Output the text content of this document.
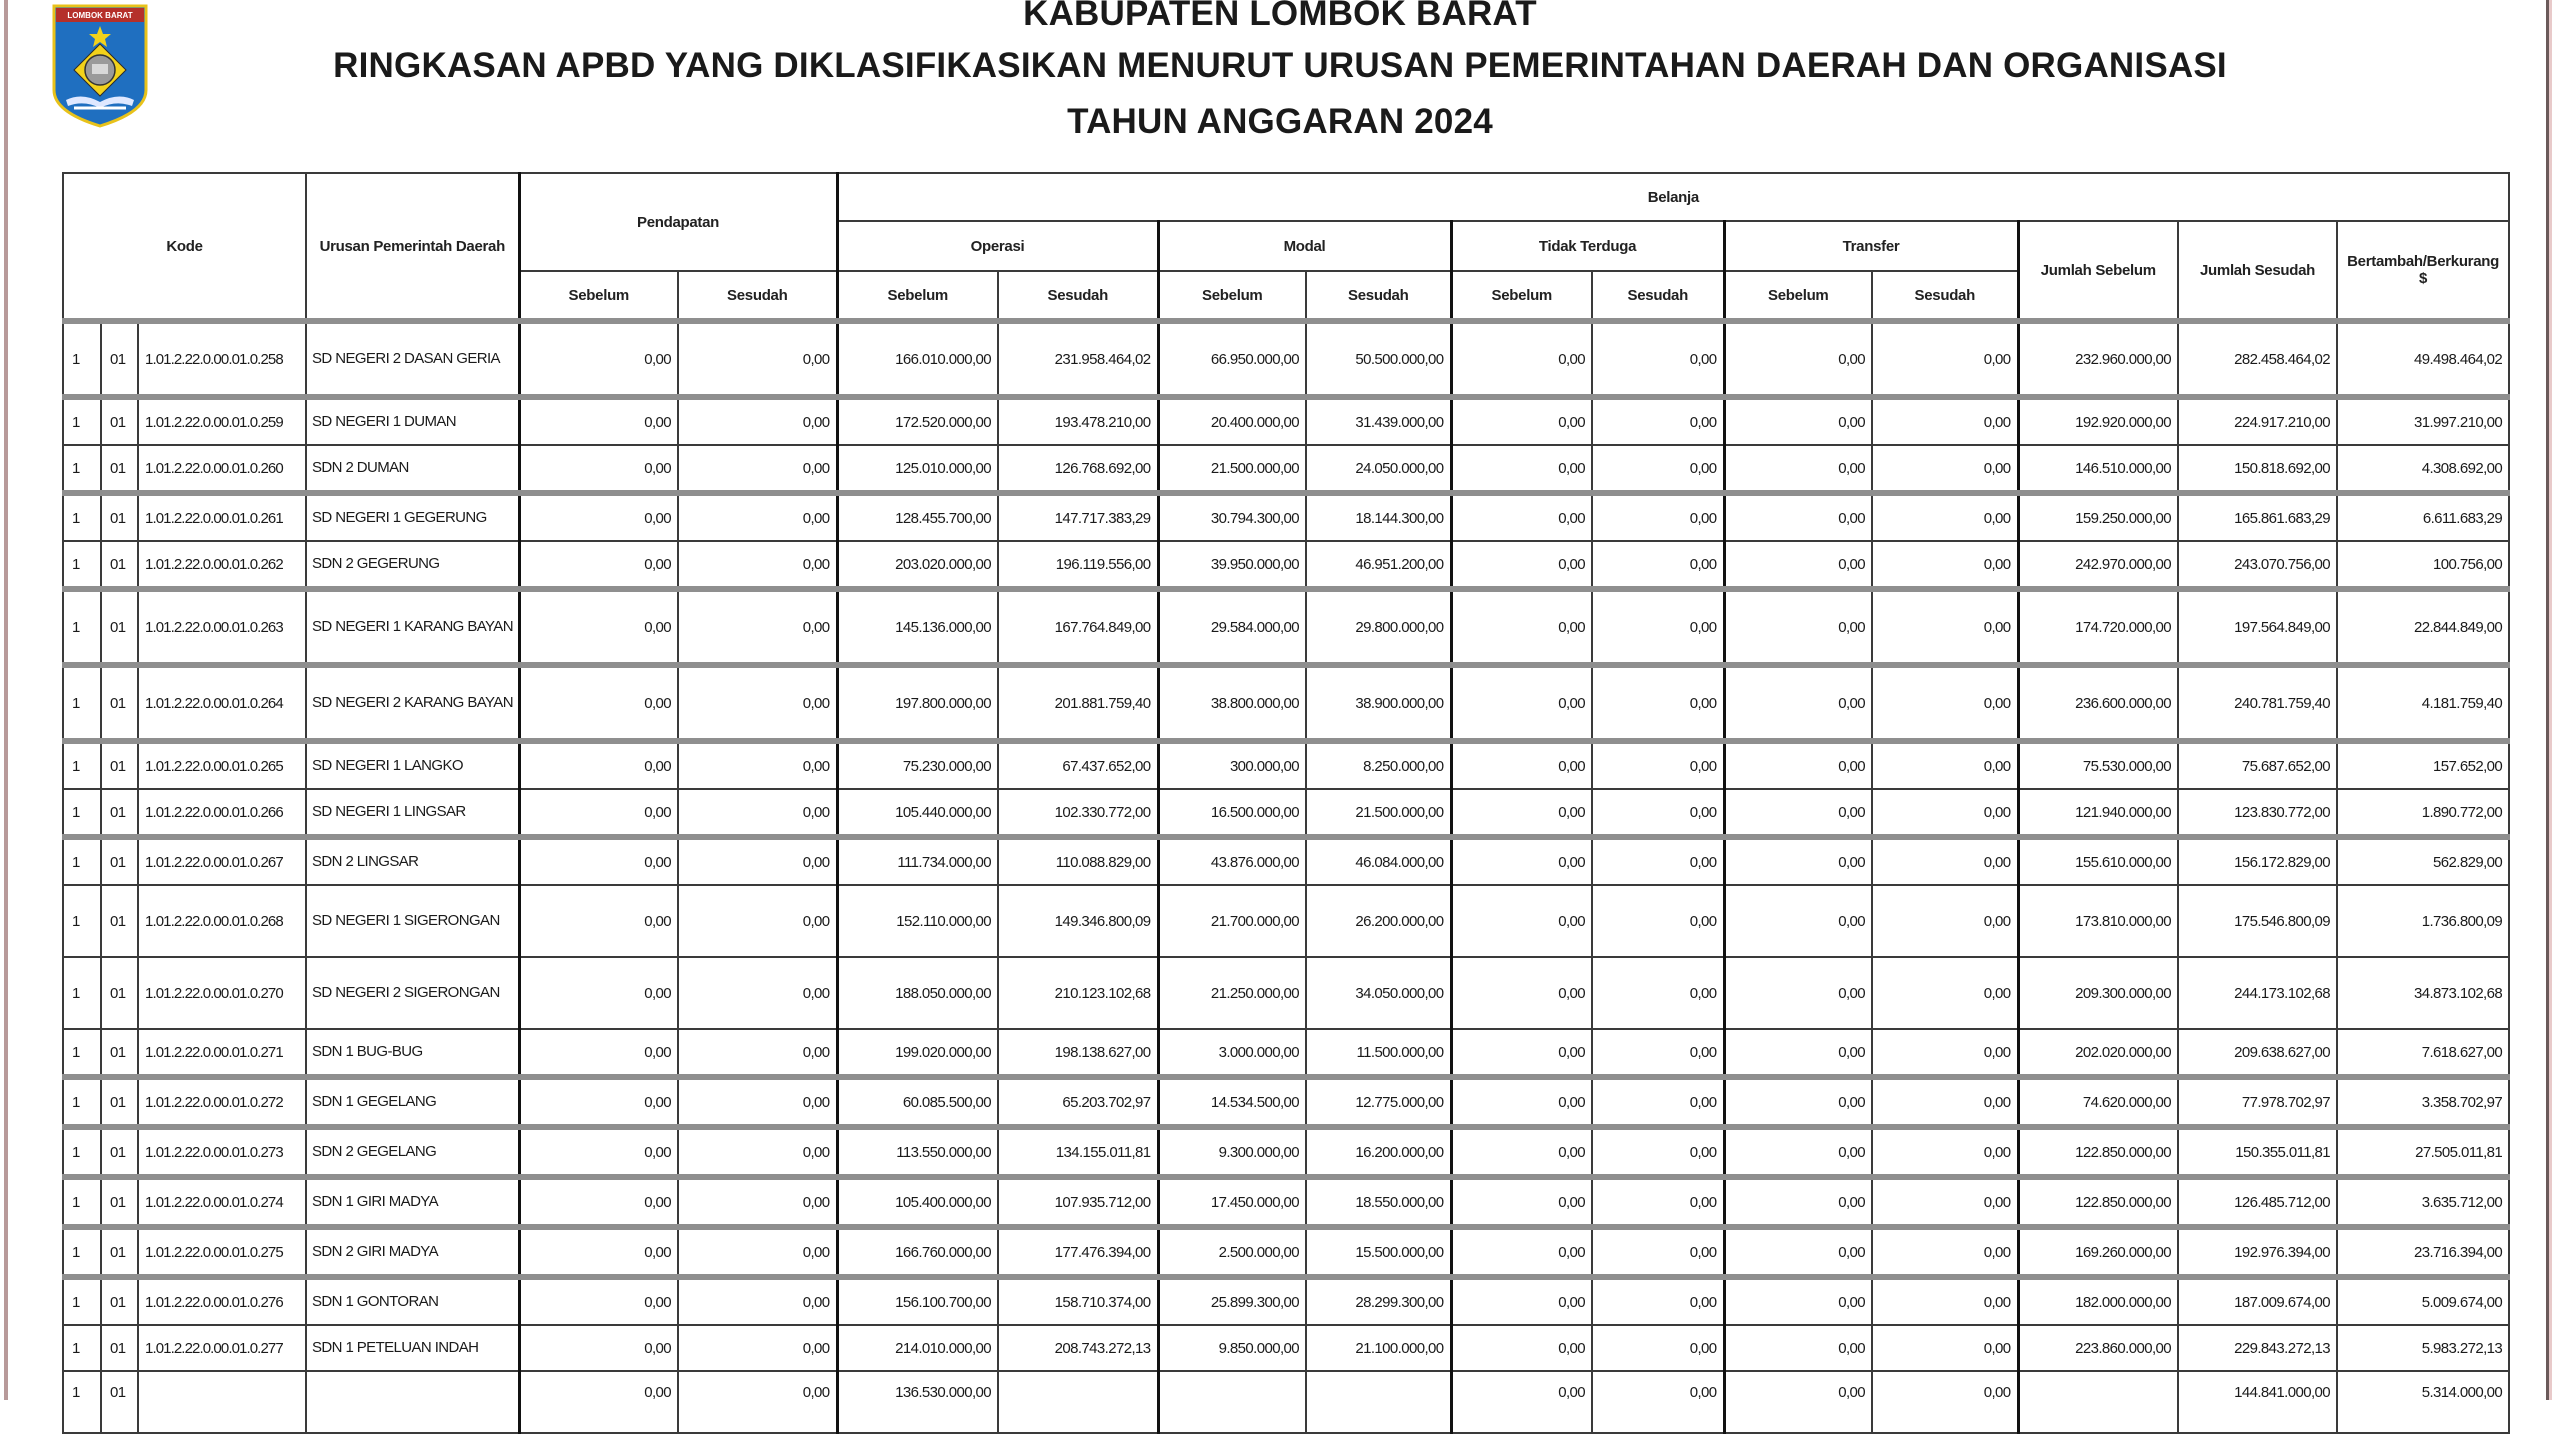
LOMBOK BARAT	KABUPATEN LOMBOK BARAT
RINGKASAN APBD YANG DIKLASIFIKASIKAN MENURUT URUSAN PEMERINTAHAN DAERAH DAN ORGANISASI
TAHUN ANGGARAN 2024
Kode			Urusan Pemerintah Daerah	Pendapatan		Belanja										
						Operasi		Modal		Tidak Terduga		Transfer		Jumlah Sebelum	Jumlah Sesudah	Bertambah/Berkurang
$
				Sebelum	Sesudah	Sebelum	Sesudah	Sebelum	Sesudah	Sebelum	Sesudah	Sebelum	Sesudah			
1	01	1.01.2.22.0.00.01.0.258	SD NEGERI 2 DASAN GERIA	0,00	0,00	166.010.000,00	231.958.464,02	66.950.000,00	50.500.000,00	0,00	0,00	0,00	0,00	232.960.000,00	282.458.464,02	49.498.464,02
1	01	1.01.2.22.0.00.01.0.259	SD NEGERI 1 DUMAN	0,00	0,00	172.520.000,00	193.478.210,00	20.400.000,00	31.439.000,00	0,00	0,00	0,00	0,00	192.920.000,00	224.917.210,00	31.997.210,00
1	01	1.01.2.22.0.00.01.0.260	SDN 2 DUMAN	0,00	0,00	125.010.000,00	126.768.692,00	21.500.000,00	24.050.000,00	0,00	0,00	0,00	0,00	146.510.000,00	150.818.692,00	4.308.692,00
1	01	1.01.2.22.0.00.01.0.261	SD NEGERI 1 GEGERUNG	0,00	0,00	128.455.700,00	147.717.383,29	30.794.300,00	18.144.300,00	0,00	0,00	0,00	0,00	159.250.000,00	165.861.683,29	6.611.683,29
1	01	1.01.2.22.0.00.01.0.262	SDN 2 GEGERUNG	0,00	0,00	203.020.000,00	196.119.556,00	39.950.000,00	46.951.200,00	0,00	0,00	0,00	0,00	242.970.000,00	243.070.756,00	100.756,00
1	01	1.01.2.22.0.00.01.0.263	SD NEGERI 1 KARANG BAYAN	0,00	0,00	145.136.000,00	167.764.849,00	29.584.000,00	29.800.000,00	0,00	0,00	0,00	0,00	174.720.000,00	197.564.849,00	22.844.849,00
1	01	1.01.2.22.0.00.01.0.264	SD NEGERI 2 KARANG BAYAN	0,00	0,00	197.800.000,00	201.881.759,40	38.800.000,00	38.900.000,00	0,00	0,00	0,00	0,00	236.600.000,00	240.781.759,40	4.181.759,40
1	01	1.01.2.22.0.00.01.0.265	SD NEGERI 1 LANGKO	0,00	0,00	75.230.000,00	67.437.652,00	300.000,00	8.250.000,00	0,00	0,00	0,00	0,00	75.530.000,00	75.687.652,00	157.652,00
1	01	1.01.2.22.0.00.01.0.266	SD NEGERI 1 LINGSAR	0,00	0,00	105.440.000,00	102.330.772,00	16.500.000,00	21.500.000,00	0,00	0,00	0,00	0,00	121.940.000,00	123.830.772,00	1.890.772,00
1	01	1.01.2.22.0.00.01.0.267	SDN 2 LINGSAR	0,00	0,00	111.734.000,00	110.088.829,00	43.876.000,00	46.084.000,00	0,00	0,00	0,00	0,00	155.610.000,00	156.172.829,00	562.829,00
1	01	1.01.2.22.0.00.01.0.268	SD NEGERI 1 SIGERONGAN	0,00	0,00	152.110.000,00	149.346.800,09	21.700.000,00	26.200.000,00	0,00	0,00	0,00	0,00	173.810.000,00	175.546.800,09	1.736.800,09
1	01	1.01.2.22.0.00.01.0.270	SD NEGERI 2 SIGERONGAN	0,00	0,00	188.050.000,00	210.123.102,68	21.250.000,00	34.050.000,00	0,00	0,00	0,00	0,00	209.300.000,00	244.173.102,68	34.873.102,68
1	01	1.01.2.22.0.00.01.0.271	SDN 1 BUG-BUG	0,00	0,00	199.020.000,00	198.138.627,00	3.000.000,00	11.500.000,00	0,00	0,00	0,00	0,00	202.020.000,00	209.638.627,00	7.618.627,00
1	01	1.01.2.22.0.00.01.0.272	SDN 1 GEGELANG	0,00	0,00	60.085.500,00	65.203.702,97	14.534.500,00	12.775.000,00	0,00	0,00	0,00	0,00	74.620.000,00	77.978.702,97	3.358.702,97
1	01	1.01.2.22.0.00.01.0.273	SDN 2 GEGELANG	0,00	0,00	113.550.000,00	134.155.011,81	9.300.000,00	16.200.000,00	0,00	0,00	0,00	0,00	122.850.000,00	150.355.011,81	27.505.011,81
1	01	1.01.2.22.0.00.01.0.274	SDN 1 GIRI MADYA	0,00	0,00	105.400.000,00	107.935.712,00	17.450.000,00	18.550.000,00	0,00	0,00	0,00	0,00	122.850.000,00	126.485.712,00	3.635.712,00
1	01	1.01.2.22.0.00.01.0.275	SDN 2 GIRI MADYA	0,00	0,00	166.760.000,00	177.476.394,00	2.500.000,00	15.500.000,00	0,00	0,00	0,00	0,00	169.260.000,00	192.976.394,00	23.716.394,00
1	01	1.01.2.22.0.00.01.0.276	SDN 1 GONTORAN	0,00	0,00	156.100.700,00	158.710.374,00	25.899.300,00	28.299.300,00	0,00	0,00	0,00	0,00	182.000.000,00	187.009.674,00	5.009.674,00
1	01	1.01.2.22.0.00.01.0.277	SDN 1 PETELUAN INDAH	0,00	0,00	214.010.000,00	208.743.272,13	9.850.000,00	21.100.000,00	0,00	0,00	0,00	0,00	223.860.000,00	229.843.272,13	5.983.272,13
1	01			0,00	0,00	136.530.000,00				0,00	0,00	0,00	0,00		144.841.000,00	5.314.000,00
